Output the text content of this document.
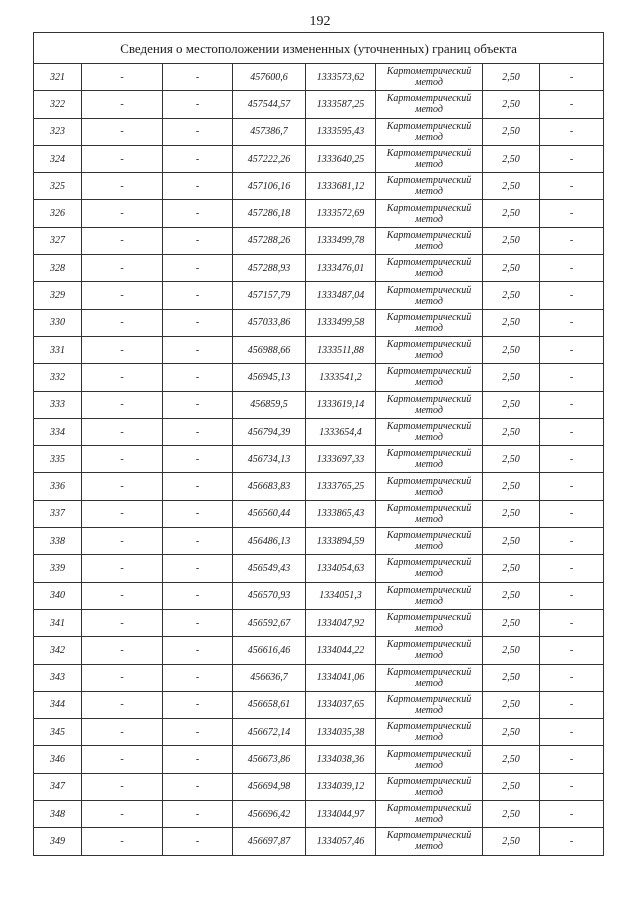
192
Сведения о местоположении измененных (уточненных) границ объекта							
321	-	-	457600,6	1333573,62	Картометрический метод	2,50	-
322	-	-	457544,57	1333587,25	Картометрический метод	2,50	-
323	-	-	457386,7	1333595,43	Картометрический метод	2,50	-
324	-	-	457222,26	1333640,25	Картометрический метод	2,50	-
325	-	-	457106,16	1333681,12	Картометрический метод	2,50	-
326	-	-	457286,18	1333572,69	Картометрический метод	2,50	-
327	-	-	457288,26	1333499,78	Картометрический метод	2,50	-
328	-	-	457288,93	1333476,01	Картометрический метод	2,50	-
329	-	-	457157,79	1333487,04	Картометрический метод	2,50	-
330	-	-	457033,86	1333499,58	Картометрический метод	2,50	-
331	-	-	456988,66	1333511,88	Картометрический метод	2,50	-
332	-	-	456945,13	1333541,2	Картометрический метод	2,50	-
333	-	-	456859,5	1333619,14	Картометрический метод	2,50	-
334	-	-	456794,39	1333654,4	Картометрический метод	2,50	-
335	-	-	456734,13	1333697,33	Картометрический метод	2,50	-
336	-	-	456683,83	1333765,25	Картометрический метод	2,50	-
337	-	-	456560,44	1333865,43	Картометрический метод	2,50	-
338	-	-	456486,13	1333894,59	Картометрический метод	2,50	-
339	-	-	456549,43	1334054,63	Картометрический метод	2,50	-
340	-	-	456570,93	1334051,3	Картометрический метод	2,50	-
341	-	-	456592,67	1334047,92	Картометрический метод	2,50	-
342	-	-	456616,46	1334044,22	Картометрический метод	2,50	-
343	-	-	456636,7	1334041,06	Картометрический метод	2,50	-
344	-	-	456658,61	1334037,65	Картометрический метод	2,50	-
345	-	-	456672,14	1334035,38	Картометрический метод	2,50	-
346	-	-	456673,86	1334038,36	Картометрический метод	2,50	-
347	-	-	456694,98	1334039,12	Картометрический метод	2,50	-
348	-	-	456696,42	1334044,97	Картометрический метод	2,50	-
349	-	-	456697,87	1334057,46	Картометрический метод	2,50	-
